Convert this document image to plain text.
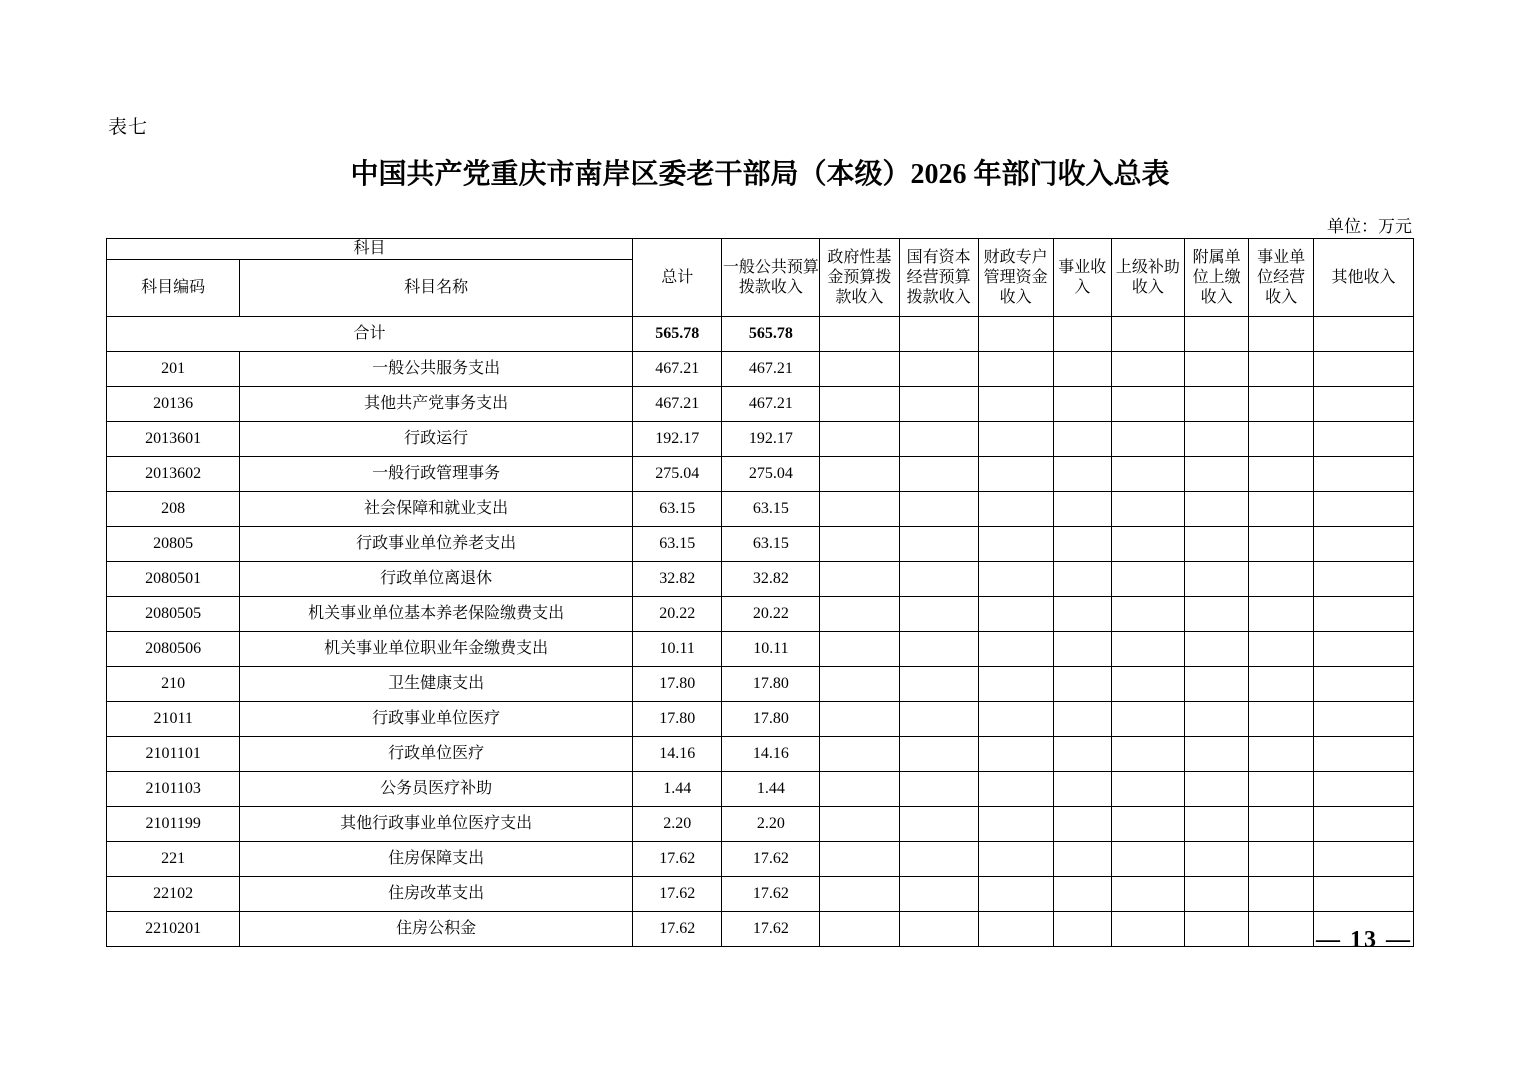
表七
中国共产党重庆市南岸区委老干部局（本级）2026 年部门收入总表
单位：万元
科目		总计	一般公共预算拨款收入	政府性基金预算拨款收入	国有资本经营预算拨款收入	财政专户管理资金收入	事业收入	上级补助收入	附属单位上缴收入	事业单位经营收入	其他收入
科目编码	科目名称										
合计		565.78	565.78								
201	一般公共服务支出	467.21	467.21								
20136	其他共产党事务支出	467.21	467.21								
2013601	行政运行	192.17	192.17								
2013602	一般行政管理事务	275.04	275.04								
208	社会保障和就业支出	63.15	63.15								
20805	行政事业单位养老支出	63.15	63.15								
2080501	行政单位离退休	32.82	32.82								
2080505	机关事业单位基本养老保险缴费支出	20.22	20.22								
2080506	机关事业单位职业年金缴费支出	10.11	10.11								
210	卫生健康支出	17.80	17.80								
21011	行政事业单位医疗	17.80	17.80								
2101101	行政单位医疗	14.16	14.16								
2101103	公务员医疗补助	1.44	1.44								
2101199	其他行政事业单位医疗支出	2.20	2.20								
221	住房保障支出	17.62	17.62								
22102	住房改革支出	17.62	17.62								
2210201	住房公积金	17.62	17.62									— 13 —
